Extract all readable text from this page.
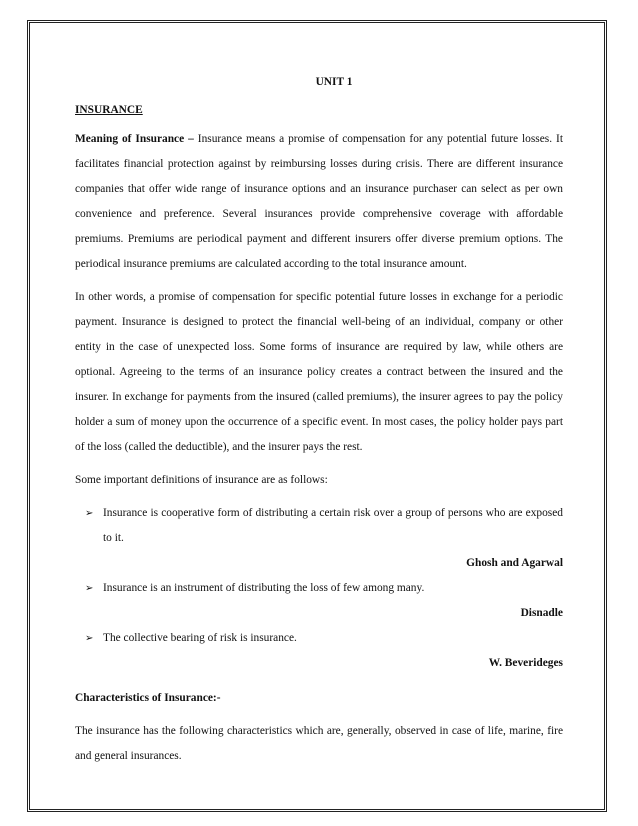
UNIT 1
INSURANCE

Meaning of Insurance – Insurance means a promise of compensation for any potential future losses. It facilitates financial protection against by reimbursing losses during crisis. There are different insurance companies that offer wide range of insurance options and an insurance purchaser can select as per own convenience and preference. Several insurances provide comprehensive coverage with affordable premiums. Premiums are periodical payment and different insurers offer diverse premium options. The periodical insurance premiums are calculated according to the total insurance amount.

In other words, a promise of compensation for specific potential future losses in exchange for a periodic payment. Insurance is designed to protect the financial well-being of an individual, company or other entity in the case of unexpected loss. Some forms of insurance are required by law, while others are optional. Agreeing to the terms of an insurance policy creates a contract between the insured and the insurer. In exchange for payments from the insured (called premiums), the insurer agrees to pay the policy holder a sum of money upon the occurrence of a specific event. In most cases, the policy holder pays part of the loss (called the deductible), and the insurer pays the rest.

Some important definitions of insurance are as follows:

➢ Insurance is cooperative form of distributing a certain risk over a group of persons who are exposed to it.
Ghosh and Agarwal
➢ Insurance is an instrument of distributing the loss of few among many.
Disnadle
➢ The collective bearing of risk is insurance.
W. Beverideges
Characteristics of Insurance:-

The insurance has the following characteristics which are, generally, observed in case of life, marine, fire and general insurances.
